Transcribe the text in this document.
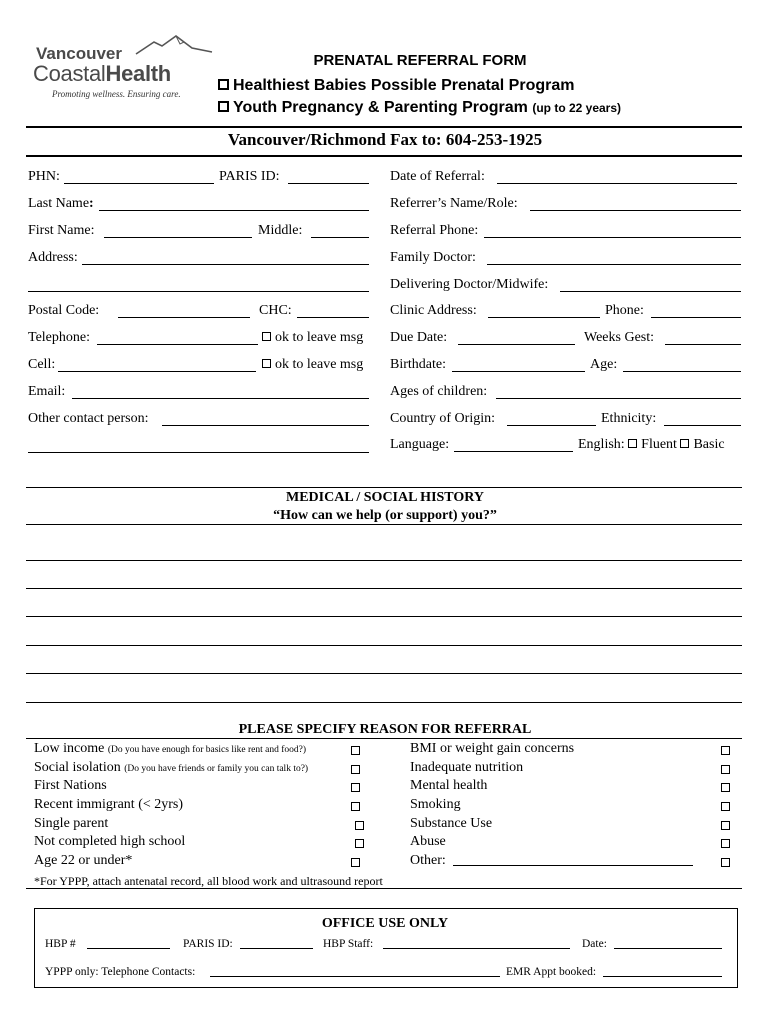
Vancouver
CoastalHealth
Promoting wellness. Ensuring care.
PRENATAL REFERRAL FORM
Healthiest Babies Possible Prenatal Program
Youth Pregnancy & Parenting Program (up to 22 years)
Vancouver/Richmond Fax to: 604-253-1925
PHN:	PARIS ID:
Last Name:
First Name:	Middle:
Address:
Postal Code:	CHC:
Telephone:	ok to leave msg
Cell:	ok to leave msg
Email:
Other contact person:
Date of Referral:
Referrer’s Name/Role:
Referral Phone:
Family Doctor:
Delivering Doctor/Midwife:
Clinic Address:	Phone:
Due Date:	Weeks Gest:
Birthdate:	Age:
Ages of children:
Country of Origin:	Ethnicity:
Language:	English: Fluent Basic
MEDICAL / SOCIAL HISTORY
“How can we help (or support) you?”
PLEASE SPECIFY REASON FOR REFERRAL
Low income (Do you have enough for basics like rent and food?)
Social isolation (Do you have friends or family you can talk to?)
First Nations
Recent immigrant (< 2yrs)
Single parent
Not completed high school
Age 22 or under*
BMI or weight gain concerns
Inadequate nutrition
Mental health
Smoking
Substance Use
Abuse
Other:
*For YPPP, attach antenatal record, all blood work and ultrasound report
OFFICE USE ONLY
HBP #	PARIS ID:	HBP Staff:	Date:
YPPP only: Telephone Contacts:	EMR Appt booked:
